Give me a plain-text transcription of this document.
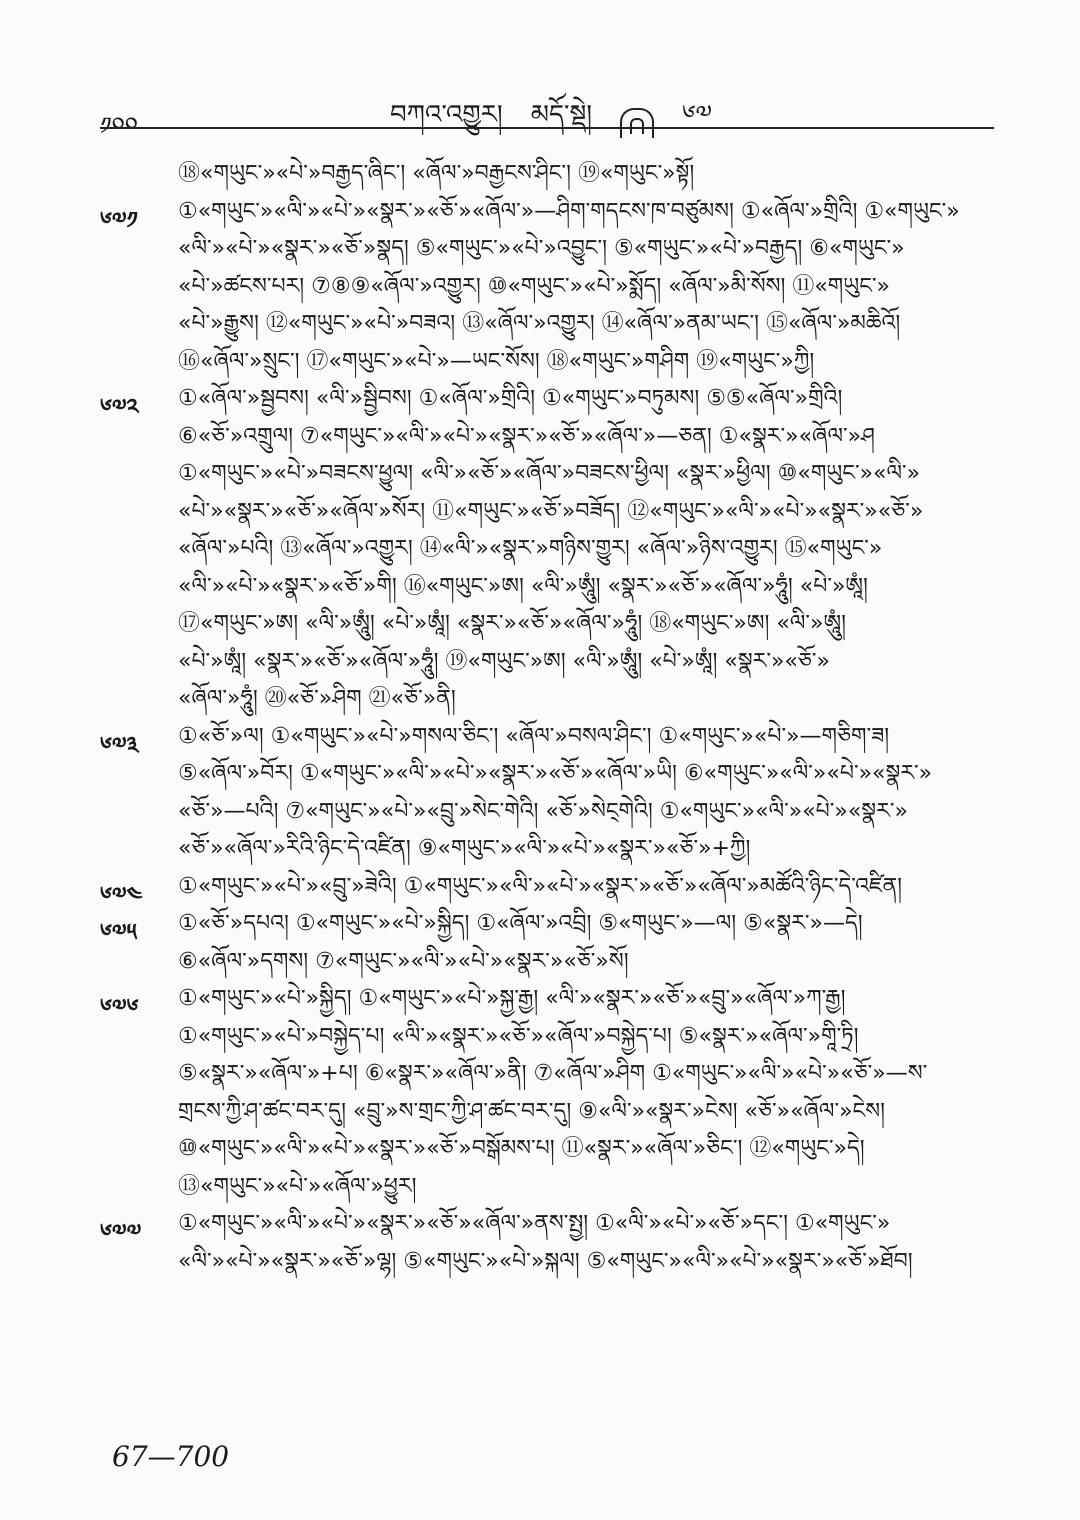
༡༠༠	བཀའ་འགྱུར། མདོ་སྡེ།	༦༧
⑱«གཡུང་»«པེ་»བརྒྱད་ཞིང་། «ཞོལ་»བརྒྱངས་ཤིང་། ⑲«གཡུང་»སྟོ།
༦༧༡	①«གཡུང་»«ལི་»«པེ་»«སྣར་»«ཅོ་»«ཞོལ་»—ཤིག་གདངས་ཁ་བཙུམས། ①«ཞོལ་»གྲིའི། ①«གཡུང་»
«ལི་»«པེ་»«སྣར་»«ཅོ་»སྣད། ⑤«གཡུང་»«པེ་»འབྱུང་། ⑤«གཡུང་»«པེ་»བརྒྱད། ⑥«གཡུང་»
«པེ་»ཚངས་པར། ⑦⑧⑨«ཞོལ་»འགྱུར། ⑩«གཡུང་»«པེ་»སྨོད། «ཞོལ་»མི་སོས། ⑪«གཡུང་»
«པེ་»རྒྱུས། ⑫«གཡུང་»«པེ་»བཟའ། ⑬«ཞོལ་»འགྱུར། ⑭«ཞོལ་»ནམ་ཡང་། ⑮«ཞོལ་»མཆིའོ།
⑯«ཞོལ་»སྲུང་། ⑰«གཡུང་»«པེ་»—ཡང་སོས། ⑱«གཡུང་»གཤིག ⑲«གཡུང་»ཀྱི།
༦༧༢	①«ཞོལ་»སྦྱབས། «ལི་»སྦྱིབས། ①«ཞོལ་»གྲིའི། ①«གཡུང་»བཏུམས། ⑤⑤«ཞོལ་»གྲིའི།
⑥«ཅོ་»འགྲུལ། ⑦«གཡུང་»«ལི་»«པེ་»«སྣར་»«ཅོ་»«ཞོལ་»—ཅན། ①«སྣར་»«ཞོལ་»ཤ
①«གཡུང་»«པེ་»བཟངས་ཕྱུལ། «ལི་»«ཅོ་»«ཞོལ་»བཟངས་ཕྱིལ། «སྣར་»ཕྱིལ། ⑩«གཡུང་»«ལི་»
«པེ་»«སྣར་»«ཅོ་»«ཞོལ་»སོར། ⑪«གཡུང་»«ཅོ་»བཟོད། ⑫«གཡུང་»«ལི་»«པེ་»«སྣར་»«ཅོ་»
«ཞོལ་»པའི། ⑬«ཞོལ་»འགྱུར། ⑭«ལི་»«སྣར་»གཉིས་གྱུར། «ཞོལ་»ཉིས་འགྱུར། ⑮«གཡུང་»
«ལི་»«པེ་»«སྣར་»«ཅོ་»གི། ⑯«གཡུང་»ཨ། «ལི་»ཨཱུཾ། «སྣར་»«ཅོ་»«ཞོལ་»ཧཱུཾ། «པེ་»ཨཱཾ།
⑰«གཡུང་»ཨ། «ལི་»ཨཱུཾ། «པེ་»ཨཱཾ། «སྣར་»«ཅོ་»«ཞོལ་»ཧཱུཾ། ⑱«གཡུང་»ཨ། «ལི་»ཨཱུཾ།
«པེ་»ཨཱཾ། «སྣར་»«ཅོ་»«ཞོལ་»ཧཱུཾ། ⑲«གཡུང་»ཨ། «ལི་»ཨཱུཾ། «པེ་»ཨཱཾ། «སྣར་»«ཅོ་»
«ཞོལ་»ཧཱུཾ། ⑳«ཅོ་»ཤིག ㉑«ཅོ་»ནི།
༦༧༣	①«ཅོ་»ལ། ①«གཡུང་»«པེ་»གསལ་ཅིང་། «ཞོལ་»བསལ་ཤིང་། ①«གཡུང་»«པེ་»—གཅིག་ཟ།
⑤«ཞོལ་»བོར། ①«གཡུང་»«ལི་»«པེ་»«སྣར་»«ཅོ་»«ཞོལ་»ཡི། ⑥«གཡུང་»«ལི་»«པེ་»«སྣར་»
«ཅོ་»—པའི། ⑦«གཡུང་»«པེ་»«བྲུ་»སེང་གེའི། «ཅོ་»སེང྄གེའི། ①«གཡུང་»«ལི་»«པེ་»«སྣར་»
«ཅོ་»«ཞོལ་»རིའི་ཉིང་དེ་འཛིན། ⑨«གཡུང་»«ལི་»«པེ་»«སྣར་»«ཅོ་»+ཀྱི།
༦༧༤	①«གཡུང་»«པེ་»«བྲུ་»ཟེའི། ①«གཡུང་»«ལི་»«པེ་»«སྣར་»«ཅོ་»«ཞོལ་»མཚོའི་ཉིང་དེ་འཛིན།
༦༧༥	①«ཅོ་»དཔའ། ①«གཡུང་»«པེ་»སྐྱིད། ①«ཞོལ་»འབྲི། ⑤«གཡུང་»—ལ། ⑤«སྣར་»—དེ།
⑥«ཞོལ་»དགས། ⑦«གཡུང་»«ལི་»«པེ་»«སྣར་»«ཅོ་»སོ།
༦༧༦	①«གཡུང་»«པེ་»སྐྱིད། ①«གཡུང་»«པེ་»སྐྱ་རྒྱ། «ལི་»«སྣར་»«ཅོ་»«བྲུ་»«ཞོལ་»ཀ་རྒྱ།
①«གཡུང་»«པེ་»བསྐྱེད་པ། «ལི་»«སྣར་»«ཅོ་»«ཞོལ་»བསྐྱེད་པ། ⑤«སྣར་»«ཞོལ་»གཱི་ཏྲི།
⑤«སྣར་»«ཞོལ་»+པ། ⑥«སྣར་»«ཞོལ་»ནི། ⑦«ཞོལ་»ཤིག ①«གཡུང་»«ལི་»«པེ་»«ཅོ་»—ས་
གྲངས་ཀྱི་ཤ་ཚང་བར་དུ། «བྲུ་»ས་གྲང་ཀྱི་ཤ་ཚང་བར་དུ། ⑨«ལི་»«སྣར་»ངེས། «ཅོ་»«ཞོལ་»ངེས།
⑩«གཡུང་»«ལི་»«པེ་»«སྣར་»«ཅོ་»བསྒོམས་པ། ⑪«སྣར་»«ཞོལ་»ཅིང་། ⑫«གཡུང་»དེ།
⑬«གཡུང་»«པེ་»«ཞོལ་»ཕྱུར།
༦༧༧	①«གཡུང་»«ལི་»«པེ་»«སྣར་»«ཅོ་»«ཞོལ་»ནས་སྤྱ། ①«ལི་»«པེ་»«ཅོ་»དང་། ①«གཡུང་»
«ལི་»«པེ་»«སྣར་»«ཅོ་»ལྷ། ⑤«གཡུང་»«པེ་»སྐལ། ⑤«གཡུང་»«ལི་»«པེ་»«སྣར་»«ཅོ་»ཐོབ།
67—700
